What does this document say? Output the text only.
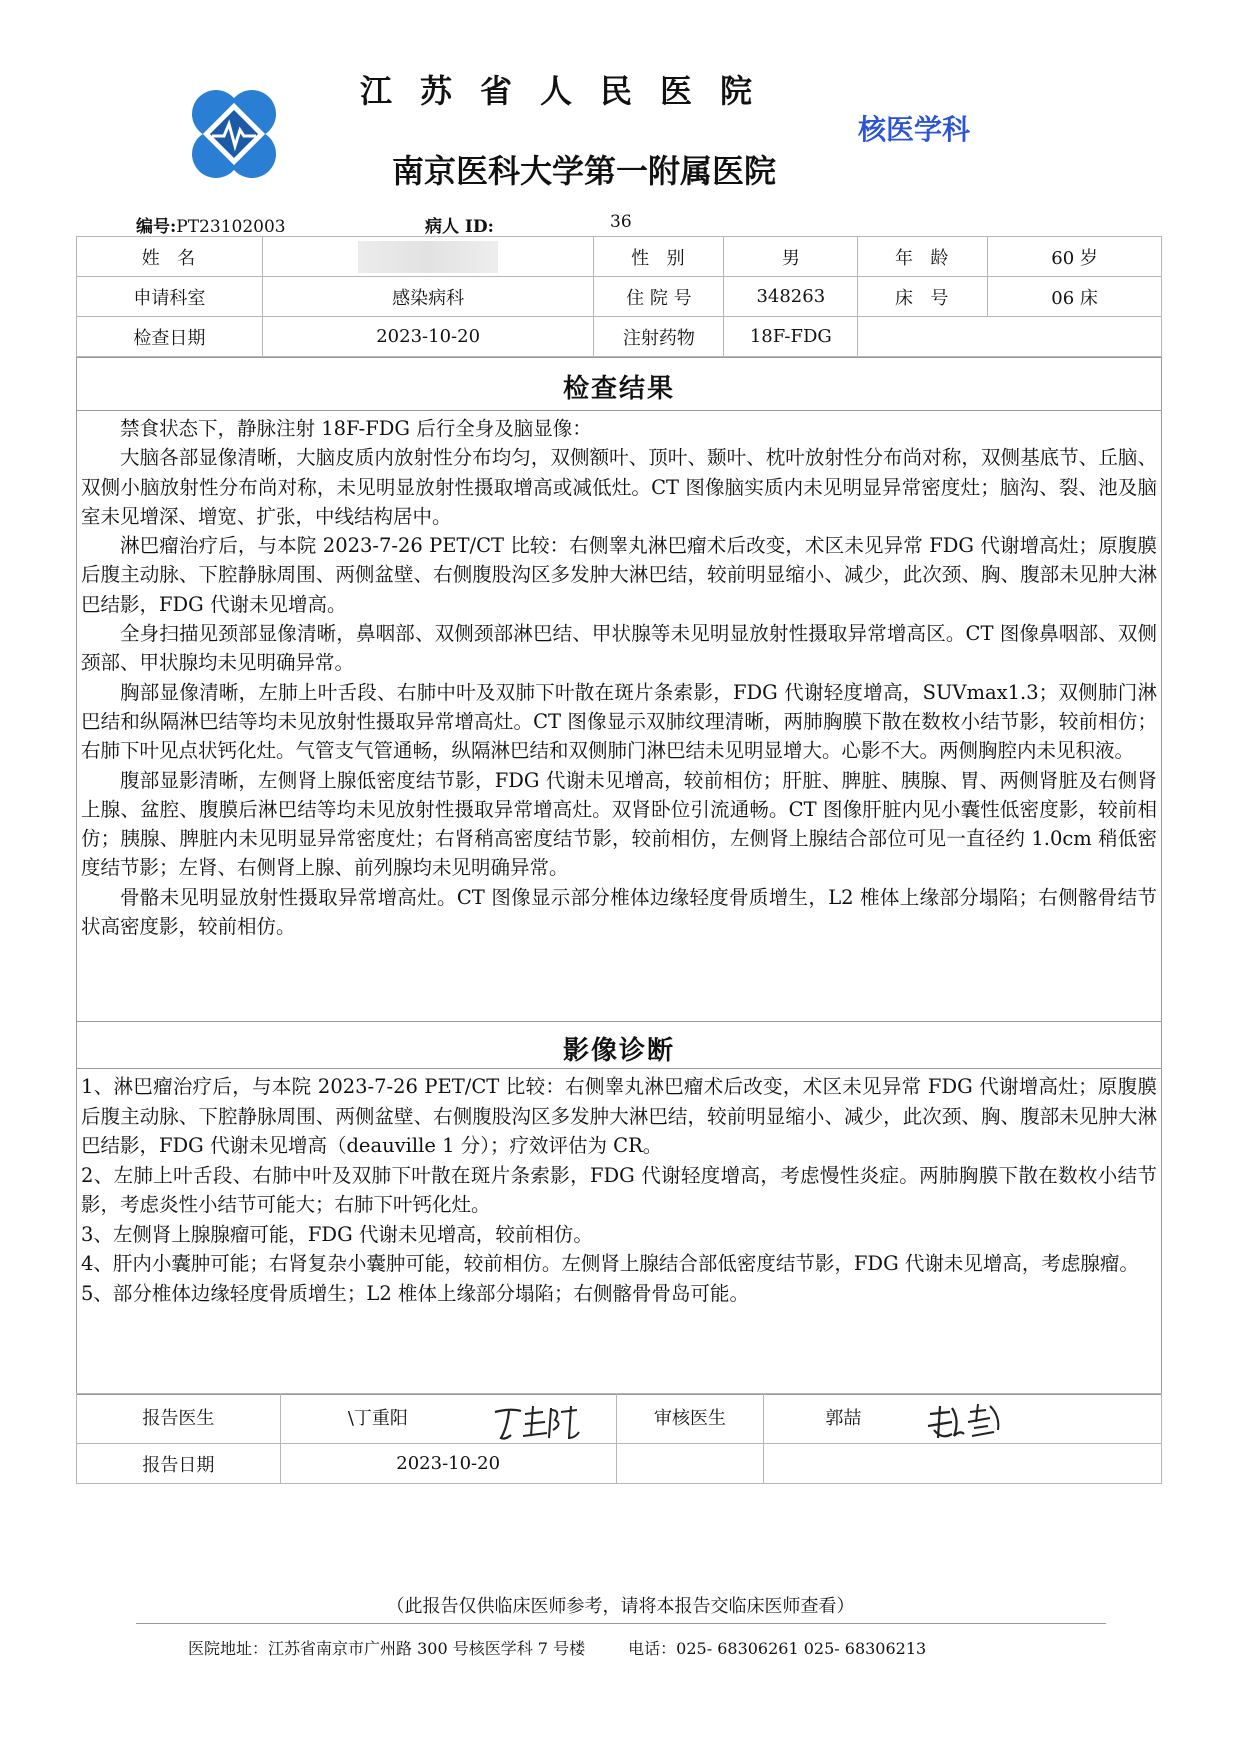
江苏省人民医院
南京医科大学第一附属医院
核医学科
编号:PT23102003	病人 ID:	36
姓  名		性  别	男	年  龄	60 岁
申请科室	感染病科	住 院 号	348263	床  号	06 床
检查日期	2023-10-20	注射药物	18F-FDG		
检查结果

禁食状态下，静脉注射 18F-FDG 后行全身及脑显像：

大脑各部显像清晰，大脑皮质内放射性分布均匀，双侧额叶、顶叶、颞叶、枕叶放射性分布尚对称，双侧基底节、丘脑、双侧小脑放射性分布尚对称，未见明显放射性摄取增高或减低灶。CT 图像脑实质内未见明显异常密度灶；脑沟、裂、池及脑室未见增深、增宽、扩张，中线结构居中。

淋巴瘤治疗后，与本院 2023-7-26 PET/CT 比较：右侧睾丸淋巴瘤术后改变，术区未见异常 FDG 代谢增高灶；原腹膜后腹主动脉、下腔静脉周围、两侧盆壁、右侧腹股沟区多发肿大淋巴结，较前明显缩小、减少，此次颈、胸、腹部未见肿大淋巴结影，FDG 代谢未见增高。

全身扫描见颈部显像清晰，鼻咽部、双侧颈部淋巴结、甲状腺等未见明显放射性摄取异常增高区。CT 图像鼻咽部、双侧颈部、甲状腺均未见明确异常。

胸部显像清晰，左肺上叶舌段、右肺中叶及双肺下叶散在斑片条索影，FDG 代谢轻度增高，SUVmax1.3；双侧肺门淋巴结和纵隔淋巴结等均未见放射性摄取异常增高灶。CT 图像显示双肺纹理清晰，两肺胸膜下散在数枚小结节影，较前相仿；右肺下叶见点状钙化灶。气管支气管通畅，纵隔淋巴结和双侧肺门淋巴结未见明显增大。心影不大。两侧胸腔内未见积液。

腹部显影清晰，左侧肾上腺低密度结节影，FDG 代谢未见增高，较前相仿；肝脏、脾脏、胰腺、胃、两侧肾脏及右侧肾上腺、盆腔、腹膜后淋巴结等均未见放射性摄取异常增高灶。双肾卧位引流通畅。CT 图像肝脏内见小囊性低密度影，较前相仿；胰腺、脾脏内未见明显异常密度灶；右肾稍高密度结节影，较前相仿，左侧肾上腺结合部位可见一直径约 1.0cm 稍低密度结节影；左肾、右侧肾上腺、前列腺均未见明确异常。

骨骼未见明显放射性摄取异常增高灶。CT 图像显示部分椎体边缘轻度骨质增生，L2 椎体上缘部分塌陷；右侧髂骨结节状高密度影，较前相仿。

影像诊断

1、淋巴瘤治疗后，与本院 2023-7-26 PET/CT 比较：右侧睾丸淋巴瘤术后改变，术区未见异常 FDG 代谢增高灶；原腹膜后腹主动脉、下腔静脉周围、两侧盆壁、右侧腹股沟区多发肿大淋巴结，较前明显缩小、减少，此次颈、胸、腹部未见肿大淋巴结影，FDG 代谢未见增高（deauville 1 分）；疗效评估为 CR。

2、左肺上叶舌段、右肺中叶及双肺下叶散在斑片条索影，FDG 代谢轻度增高，考虑慢性炎症。两肺胸膜下散在数枚小结节影，考虑炎性小结节可能大；右肺下叶钙化灶。

3、左侧肾上腺腺瘤可能，FDG 代谢未见增高，较前相仿。

4、肝内小囊肿可能；右肾复杂小囊肿可能，较前相仿。左侧肾上腺结合部低密度结节影，FDG 代谢未见增高，考虑腺瘤。

5、部分椎体边缘轻度骨质增生；L2 椎体上缘部分塌陷；右侧髂骨骨岛可能。

报告医生	\丁重阳	审核医生	郭喆

报告日期	2023-10-20		
（此报告仅供临床医师参考，请将本报告交临床医师查看）
医院地址：江苏省南京市广州路 300 号核医学科 7 号楼	电话：025- 68306261 025- 68306213
